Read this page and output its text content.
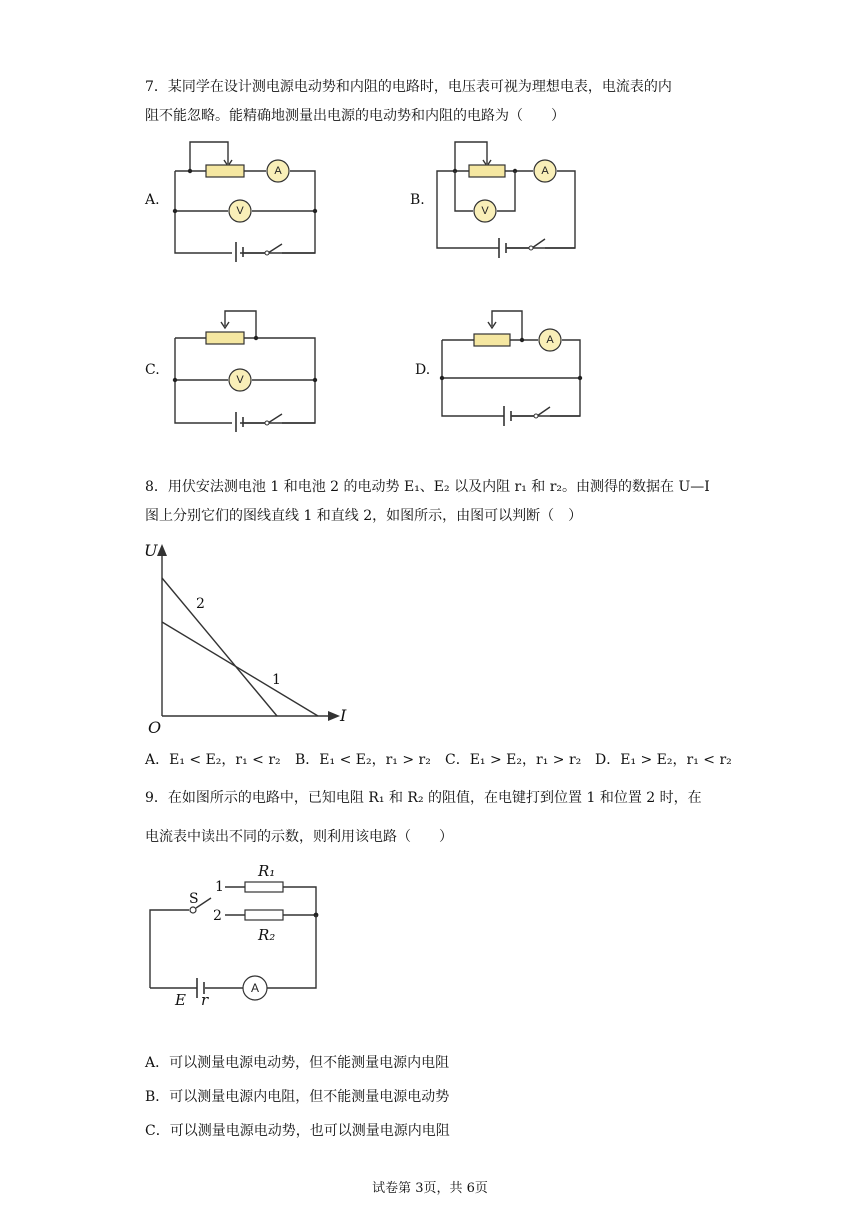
7．某同学在设计测电源电动势和内阻的电路时，电压表可视为理想电表，电流表的内
阻不能忽略。能精确地测量出电源的电动势和内阻的电路为（　　）
A.
A
V
B.
A
V
C.
V
D.
A
8．用伏安法测电池 1 和电池 2 的电动势 E₁、E₂ 以及内阻 r₁ 和 r₂。由测得的数据在 U—I
图上分别它们的图线直线 1 和直线 2，如图所示，由图可以判断（　）
U
I
O
2
1
A．E₁ < E₂，r₁ < r₂ B．E₁ < E₂，r₁ > r₂ C．E₁ > E₂，r₁ > r₂ D．E₁ > E₂，r₁ < r₂
9．在如图所示的电路中，已知电阻 R₁ 和 R₂ 的阻值，在电键打到位置 1 和位置 2 时，在
电流表中读出不同的示数，则利用该电路（　　）
R₁
1
S
2
R₂
A
E r
A．可以测量电源电动势，但不能测量电源内电阻
B．可以测量电源内电阻，但不能测量电源电动势
C．可以测量电源电动势，也可以测量电源内电阻
试卷第 3页，共 6页
